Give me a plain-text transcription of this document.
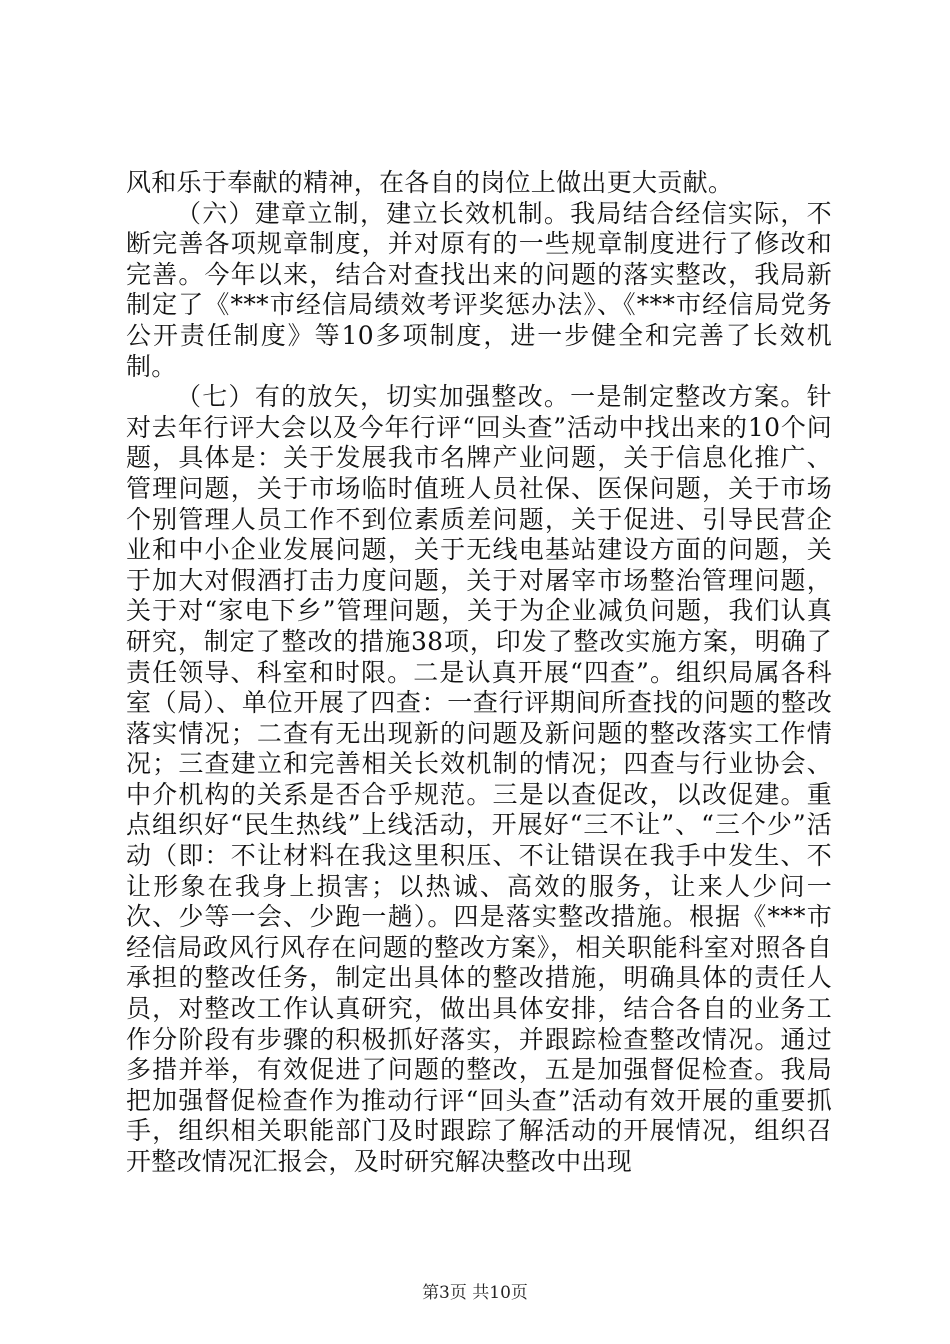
风和乐于奉献的精神，在各自的岗位上做出更大贡献。

（六）建章立制，建立长效机制。我局结合经信实际，不断完善各项规章制度，并对原有的一些规章制度进行了修改和完善。今年以来，结合对查找出来的问题的落实整改，我局新制定了《***市经信局绩效考评奖惩办法》、《***市经信局党务公开责任制度》等10多项制度，进一步健全和完善了长效机制。

（七）有的放矢，切实加强整改。一是制定整改方案。针对去年行评大会以及今年行评“回头查”活动中找出来的10个问题，具体是：关于发展我市名牌产业问题，关于信息化推广、管理问题，关于市场临时值班人员社保、医保问题，关于市场个别管理人员工作不到位素质差问题，关于促进、引导民营企业和中小企业发展问题，关于无线电基站建设方面的问题，关于加大对假酒打击力度问题，关于对屠宰市场整治管理问题，关于对“家电下乡”管理问题，关于为企业减负问题，我们认真研究，制定了整改的措施38项，印发了整改实施方案，明确了责任领导、科室和时限。二是认真开展“四查”。组织局属各科室（局）、单位开展了四查：一查行评期间所查找的问题的整改落实情况；二查有无出现新的问题及新问题的整改落实工作情况；三查建立和完善相关长效机制的情况；四查与行业协会、中介机构的关系是否合乎规范。三是以查促改，以改促建。重点组织好“民生热线”上线活动，开展好“三不让”、“三个少”活动（即：不让材料在我这里积压、不让错误在我手中发生、不让形象在我身上损害；以热诚、高效的服务，让来人少问一次、少等一会、少跑一趟）。四是落实整改措施。根据《***市经信局政风行风存在问题的整改方案》，相关职能科室对照各自承担的整改任务，制定出具体的整改措施，明确具体的责任人员，对整改工作认真研究，做出具体安排，结合各自的业务工作分阶段有步骤的积极抓好落实，并跟踪检查整改情况。通过多措并举，有效促进了问题的整改，五是加强督促检查。我局把加强督促检查作为推动行评“回头查”活动有效开展的重要抓手，组织相关职能部门及时跟踪了解活动的开展情况，组织召开整改情况汇报会，及时研究解决整改中出现

第3页 共10页
